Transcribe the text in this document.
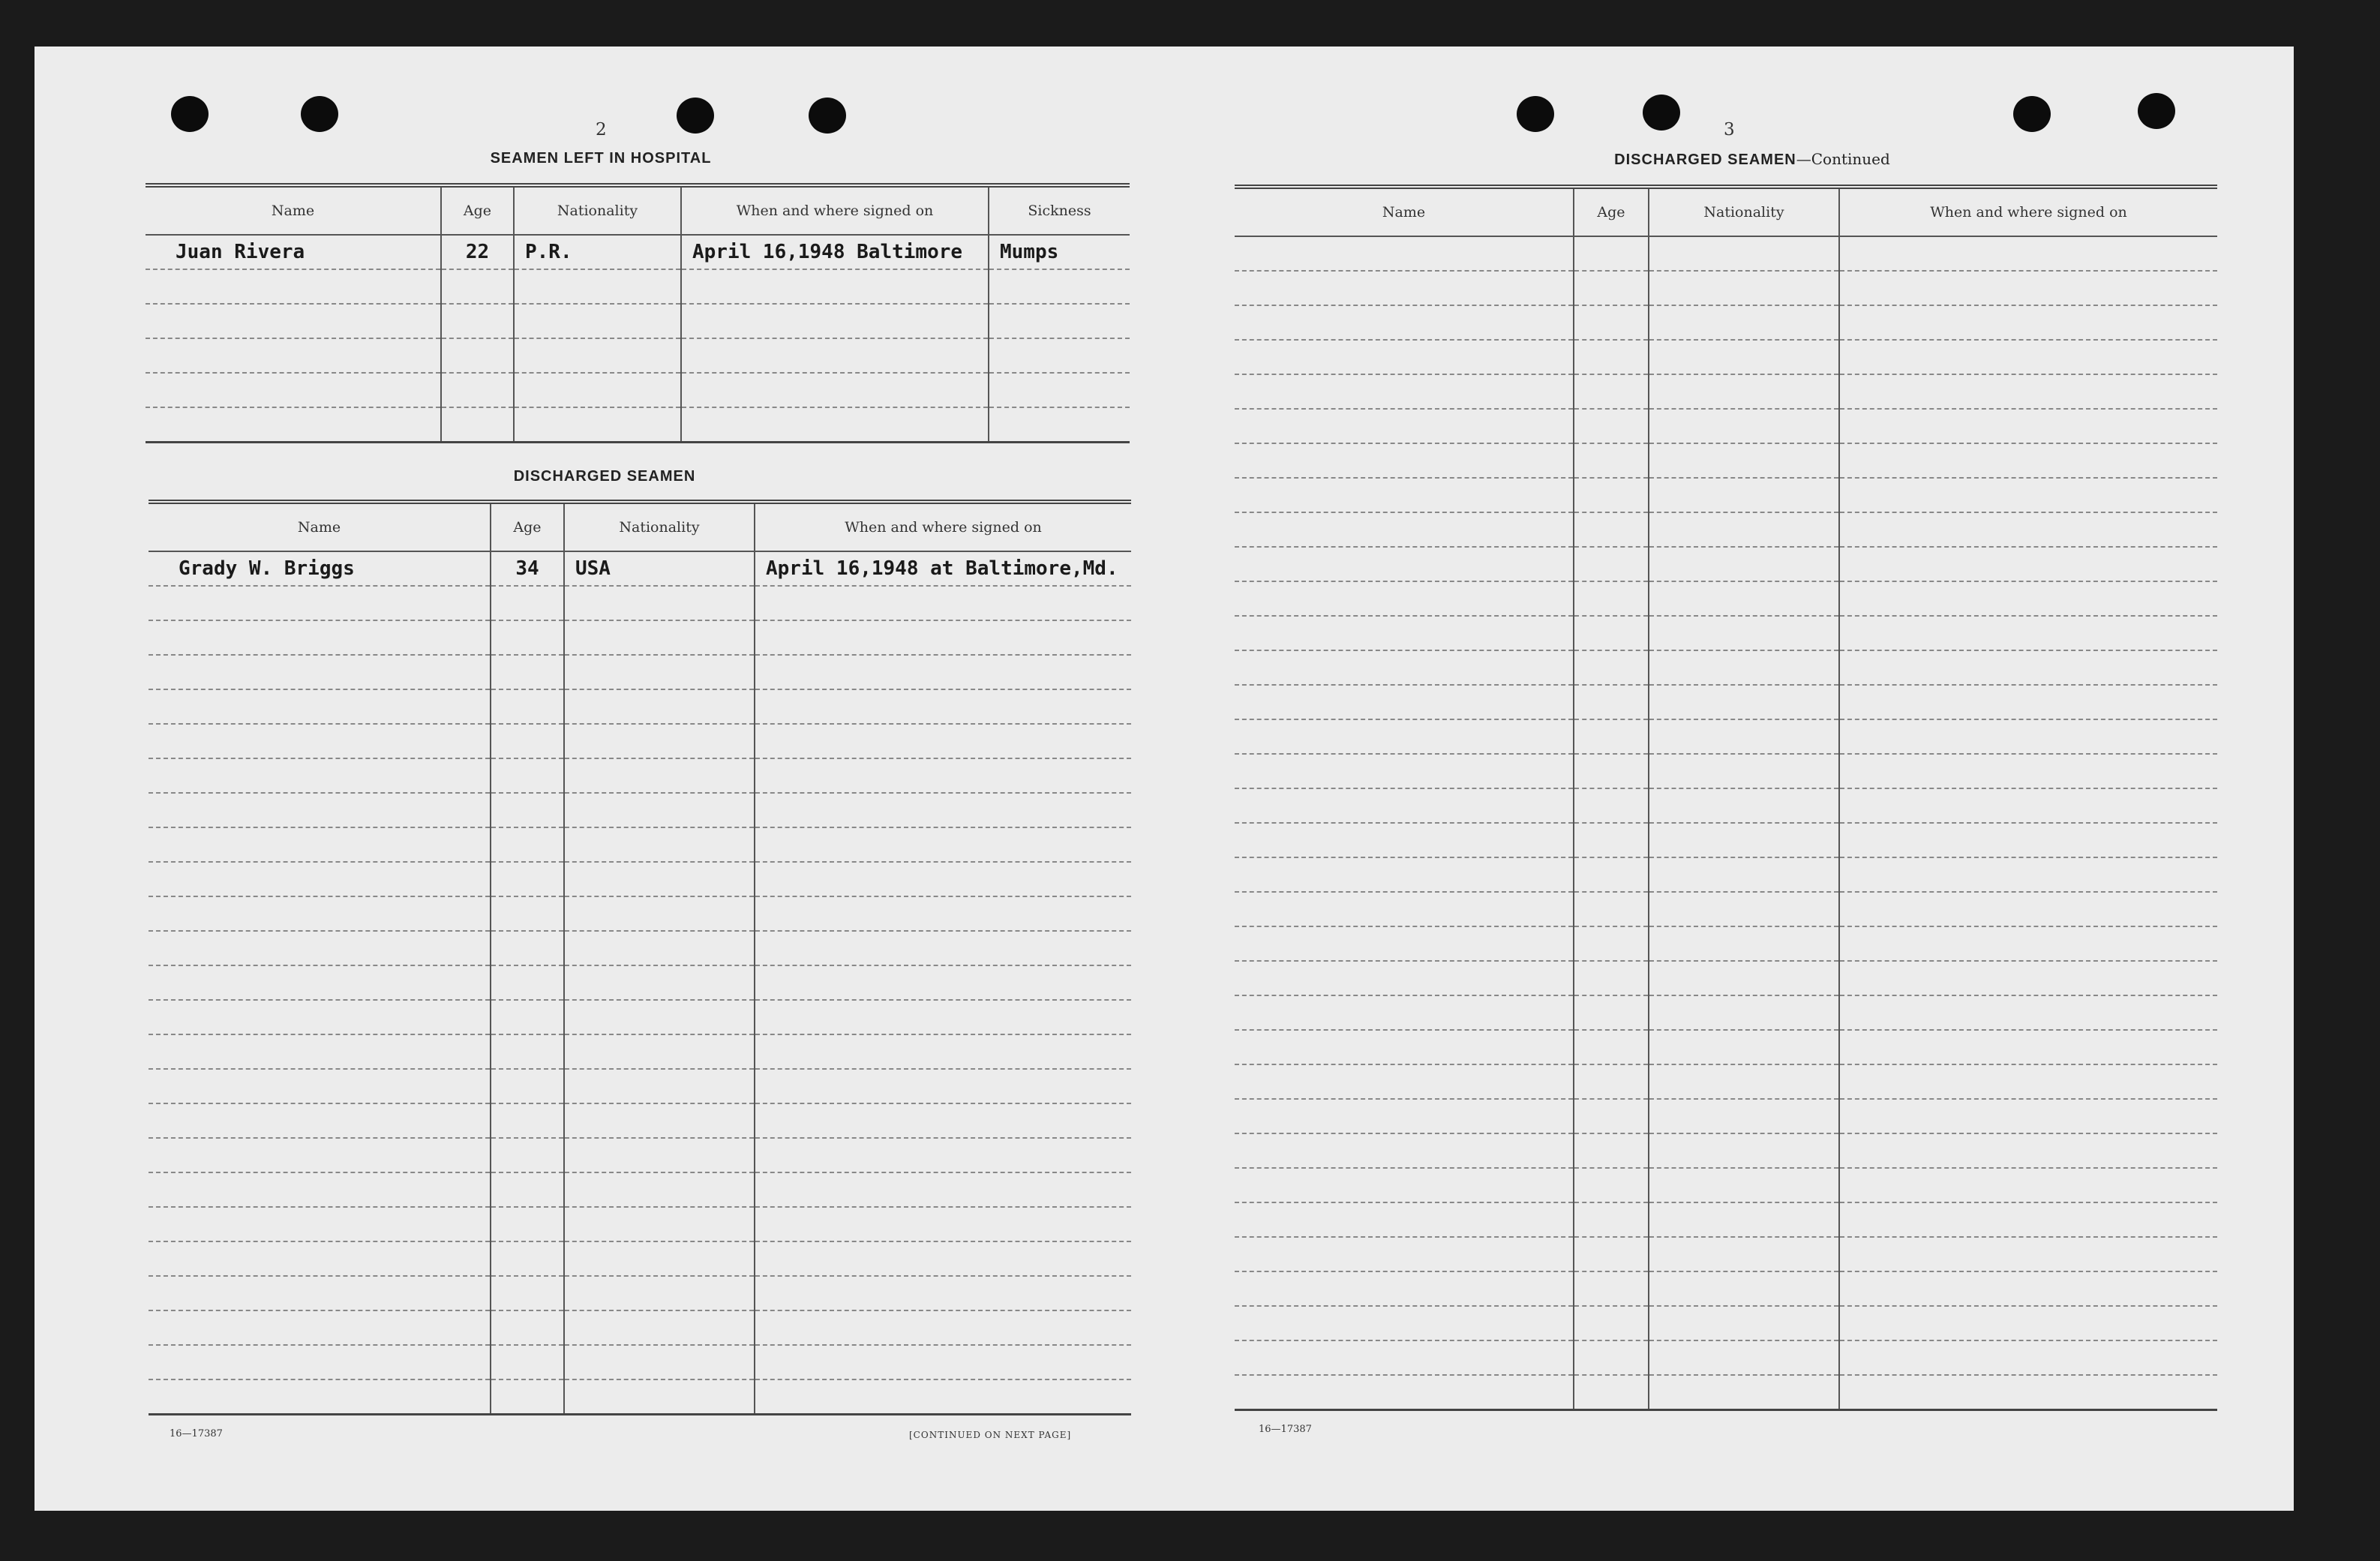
2
SEAMEN LEFT IN HOSPITAL
Name	Age	Nationality	When and where signed on	Sickness
Juan Rivera	22	P.R.	April 16,1948 Baltimore	Mumps

DISCHARGED SEAMEN
Name	Age	Nationality	When and where signed on
Grady W. Briggs	34	USA	April 16,1948 at Baltimore,Md.

16—17387	[CONTINUED ON NEXT PAGE]
3
DISCHARGED SEAMEN—Continued
Name	Age	Nationality	When and where signed on

16—17387
